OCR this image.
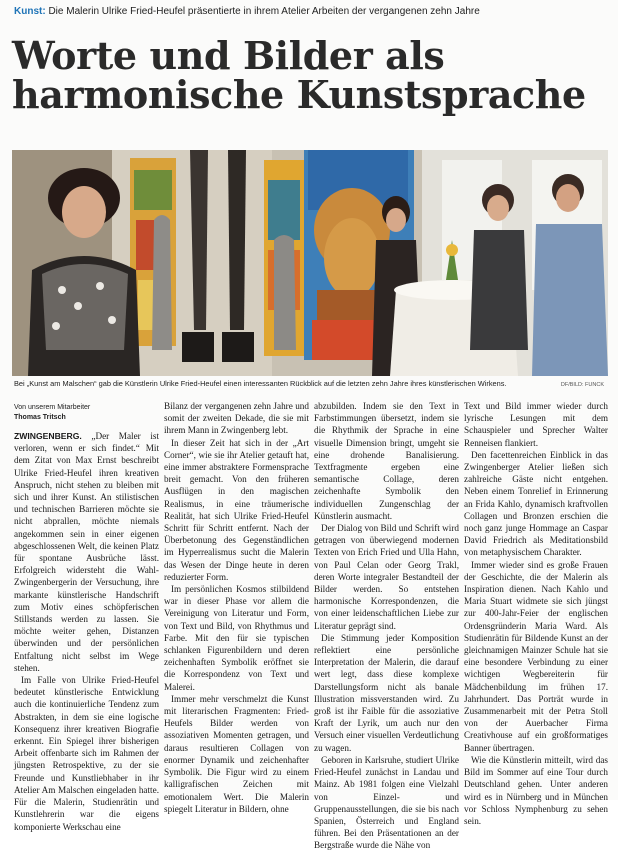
Kunst: Die Malerin Ulrike Fried-Heufel präsentierte in ihrem Atelier Arbeiten der vergangenen zehn Jahre
Worte und Bilder als
harmonische Kunstsprache
Bei „Kunst am Malschen“ gab die Künstlerin Ulrike Fried-Heufel einen interessanten Rückblick auf die letzten zehn Jahre ihres künstlerischen Wirkens.	DF/BILD: FUNCK
Von unserem Mitarbeiter
Thomas Tritsch

ZWINGENBERG. „Der Maler ist verloren, wenn er sich findet.“ Mit dem Zitat von Max Ernst beschreibt Ulrike Fried-Heufel ihren kreativen Anspruch, nicht stehen zu bleiben mit sich und ihrer Kunst. An stilistischen und technischen Barrieren möchte sie nicht abprallen, möchte niemals angekommen sein in einer eigenen abgeschlossenen Welt, die keinen Platz für spontane Ausbrüche lässt. Erfolgreich widersteht die Wahl-Zwingenbergerin der Versuchung, ihre markante künstlerische Handschrift zum Motiv eines schöpferischen Stillstands werden zu lassen. Sie möchte weiter gehen, Distanzen überwinden und der persönlichen Entfaltung nicht selbst im Wege stehen.

Im Falle von Ulrike Fried-Heufel bedeutet künstlerische Entwicklung auch die kontinuierliche Tendenz zum Abstrakten, in dem sie eine logische Konsequenz ihrer kreativen Biografie erkennt. Ein Spiegel ihrer bisherigen Arbeit offenbarte sich im Rahmen der jüngsten Retrospektive, zu der sie Freunde und Kunstliebhaber in ihr Atelier Am Malschen eingeladen hatte. Für die Malerin, Studienrätin und Kunstlehrerin war die eigens komponierte Werkschau eine

Bilanz der vergangenen zehn Jahre und somit der zweiten Dekade, die sie mit ihrem Mann in Zwingenberg lebt.

In dieser Zeit hat sich in der „Art Corner“, wie sie ihr Atelier getauft hat, eine immer abstraktere Formensprache breit gemacht. Von den früheren Ausflügen in den magischen Realismus, in eine träumerische Realität, hat sich Ulrike Fried-Heufel Schritt für Schritt entfernt. Nach der Überbetonung des Gegenständlichen im Hyperrealismus sucht die Malerin das Wesen der Dinge heute in deren reduzierter Form.

Im persönlichen Kosmos stilbildend war in dieser Phase vor allem die Vereinigung von Literatur und Form, von Text und Bild, von Rhythmus und Farbe. Mit den für sie typischen schlanken Figurenbildern und deren zeichenhaften Symbolik eröffnet sie die Korrespondenz von Text und Malerei.

Immer mehr verschmelzt die Kunst mit literarischen Fragmenten: Fried-Heufels Bilder werden von assoziativen Momenten getragen, und daraus resultieren Collagen von enormer Dynamik und zeichenhafter Symbolik. Die Figur wird zu einem kalligrafischen Zeichen mit emotionalem Wert. Die Malerin spiegelt Literatur in Bildern, ohne

abzubilden. Indem sie den Text in Farbstimmungen übersetzt, indem sie die Rhythmik der Sprache in eine visuelle Dimension bringt, umgeht sie eine drohende Banalisierung. Textfragmente ergeben eine semantische Collage, deren zeichenhafte Symbolik den individuellen Zungenschlag der Künstlerin ausmacht.

Der Dialog von Bild und Schrift wird getragen von überwiegend modernen Texten von Erich Fried und Ulla Hahn, von Paul Celan oder Georg Trakl, deren Worte integraler Bestandteil der Bilder werden. So entstehen harmonische Korrespondenzen, die von einer leidenschaftlichen Liebe zur Literatur geprägt sind.

Die Stimmung jeder Komposition reflektiert eine persönliche Interpretation der Malerin, die darauf wert legt, dass diese komplexe Darstellungsform nicht als banale Illustration missverstanden wird. Zu groß ist ihr Faible für die assoziative Kraft der Lyrik, um auch nur den Versuch einer visuellen Verdeutlichung zu wagen.

Geboren in Karlsruhe, studiert Ulrike Fried-Heufel zunächst in Landau und Mainz. Ab 1981 folgen eine Vielzahl von Einzel- und Gruppenausstellungen, die sie bis nach Spanien, Österreich und England führen. Bei den Präsentationen an der Bergstraße wurde die Nähe von

Text und Bild immer wieder durch lyrische Lesungen mit dem Schauspieler und Sprecher Walter Renneisen flankiert.

Den facettenreichen Einblick in das Zwingenberger Atelier ließen sich zahlreiche Gäste nicht entgehen. Neben einem Tonrelief in Erinnerung an Frida Kahlo, dynamisch kraftvollen Collagen und Bronzen erschien die noch ganz junge Hommage an Caspar David Friedrich als Meditationsbild von metaphysischem Charakter.

Immer wieder sind es große Frauen der Geschichte, die der Malerin als Inspiration dienen. Nach Kahlo und Maria Stuart widmete sie sich jüngst zur 400-Jahr-Feier der englischen Ordensgründerin Maria Ward. Als Studienrätin für Bildende Kunst an der gleichnamigen Mainzer Schule hat sie eine besondere Verbindung zu einer wichtigen Wegbereiterin für Mädchenbildung im frühen 17. Jahrhundert. Das Porträt wurde in Zusammenarbeit mit der Petra Stoll von der Auerbacher Firma Creativhouse auf ein großformatiges Banner übertragen.

Wie die Künstlerin mitteilt, wird das Bild im Sommer auf eine Tour durch Deutschland gehen. Unter anderen wird es in Nürnberg und in München vor Schloss Nymphenburg zu sehen sein.
